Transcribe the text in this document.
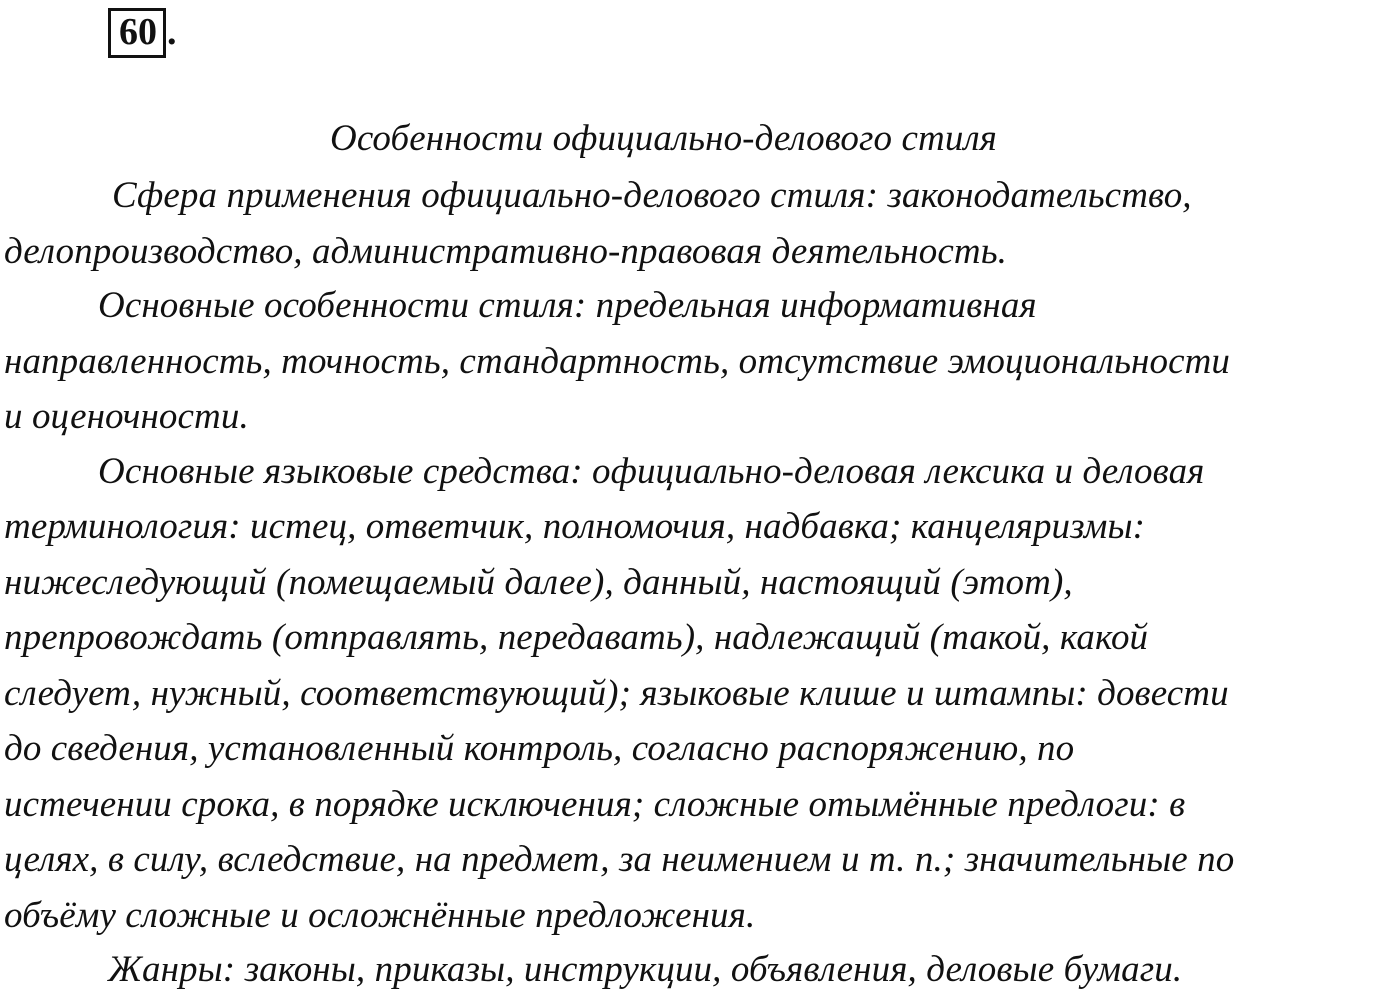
60 .

Особенности официально-делового стиля

Сфера применения официально-делового стиля: законодательство,

делопроизводство, административно-правовая деятельность.

Основные особенности стиля: предельная информативная

направленность, точность, стандартность, отсутствие эмоциональности

и оценочности.

Основные языковые средства: официально-деловая лексика и деловая

терминология: истец, ответчик, полномочия, надбавка; канцеляризмы:

нижеследующий (помещаемый далее), данный, настоящий (этот),

препровождать (отправлять, передавать), надлежащий (такой, какой

следует, нужный, соответствующий); языковые клише и штампы: довести

до сведения, установленный контроль, согласно распоряжению, по

истечении срока, в порядке исключения; сложные отымённые предлоги: в

целях, в силу, вследствие, на предмет, за неимением и т. п.; значительные по

объёму сложные и осложнённые предложения.

Жанры: законы, приказы, инструкции, объявления, деловые бумаги.
